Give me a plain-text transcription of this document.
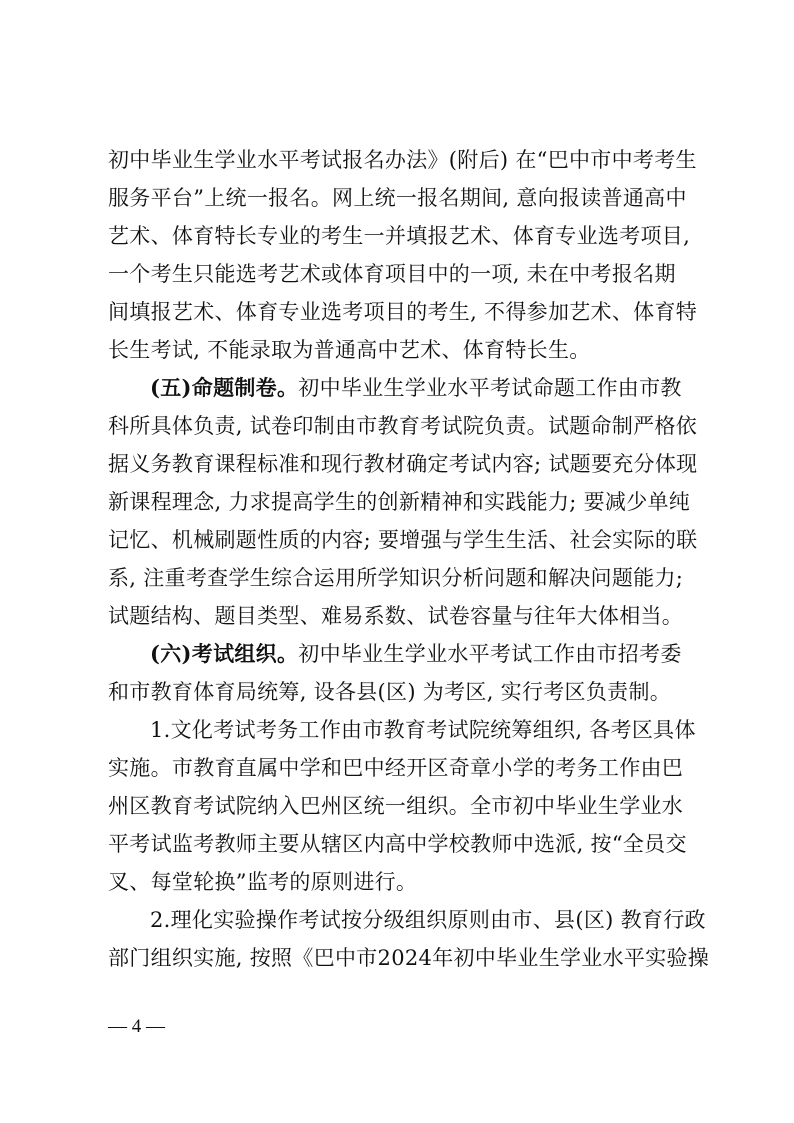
初中毕业生学业水平考试报名办法》(附后) 在“巴中市中考考生
服务平台”上统一报名。网上统一报名期间, 意向报读普通高中
艺术、体育特长专业的考生一并填报艺术、体育专业选考项目,
一个考生只能选考艺术或体育项目中的一项, 未在中考报名期
间填报艺术、体育专业选考项目的考生, 不得参加艺术、体育特
长生考试, 不能录取为普通高中艺术、体育特长生。
(五)命题制卷。初中毕业生学业水平考试命题工作由市教
科所具体负责, 试卷印制由市教育考试院负责。试题命制严格依
据义务教育课程标准和现行教材确定考试内容; 试题要充分体现
新课程理念, 力求提高学生的创新精神和实践能力; 要减少单纯
记忆、机械刷题性质的内容; 要增强与学生生活、社会实际的联
系, 注重考查学生综合运用所学知识分析问题和解决问题能力;
试题结构、题目类型、难易系数、试卷容量与往年大体相当。
(六)考试组织。初中毕业生学业水平考试工作由市招考委
和市教育体育局统筹, 设各县(区) 为考区, 实行考区负责制。
1.文化考试考务工作由市教育考试院统筹组织, 各考区具体
实施。市教育直属中学和巴中经开区奇章小学的考务工作由巴
州区教育考试院纳入巴州区统一组织。全市初中毕业生学业水
平考试监考教师主要从辖区内高中学校教师中选派, 按“全员交
叉、每堂轮换”监考的原则进行。
2.理化实验操作考试按分级组织原则由市、县(区) 教育行政
部门组织实施, 按照《巴中市2024年初中毕业生学业水平实验操
— 4 —
